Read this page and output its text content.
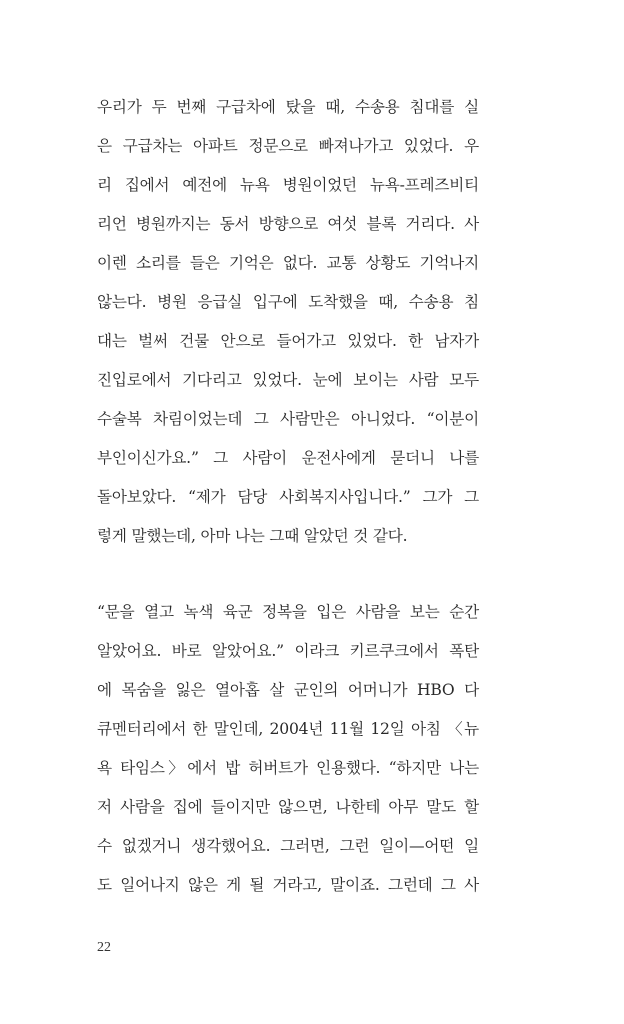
우리가 두 번째 구급차에 탔을 때, 수송용 침대를 실
은 구급차는 아파트 정문으로 빠져나가고 있었다. 우
리 집에서 예전에 뉴욕 병원이었던 뉴욕-프레즈비티
리언 병원까지는 동서 방향으로 여섯 블록 거리다. 사
이렌 소리를 들은 기억은 없다. 교통 상황도 기억나지
않는다. 병원 응급실 입구에 도착했을 때, 수송용 침
대는 벌써 건물 안으로 들어가고 있었다. 한 남자가
진입로에서 기다리고 있었다. 눈에 보이는 사람 모두
수술복 차림이었는데 그 사람만은 아니었다. “이분이
부인이신가요.” 그 사람이 운전사에게 묻더니 나를
돌아보았다. “제가 담당 사회복지사입니다.” 그가 그
렇게 말했는데, 아마 나는 그때 알았던 것 같다.
“문을 열고 녹색 육군 정복을 입은 사람을 보는 순간
알았어요. 바로 알았어요.” 이라크 키르쿠크에서 폭탄
에 목숨을 잃은 열아홉 살 군인의 어머니가 HBO 다
큐멘터리에서 한 말인데, 2004년 11월 12일 아침 〈뉴
욕 타임스〉에서 밥 허버트가 인용했다. “하지만 나는
저 사람을 집에 들이지만 않으면, 나한테 아무 말도 할
수 없겠거니 생각했어요. 그러면, 그런 일이—어떤 일
도 일어나지 않은 게 될 거라고, 말이죠. 그런데 그 사
22
